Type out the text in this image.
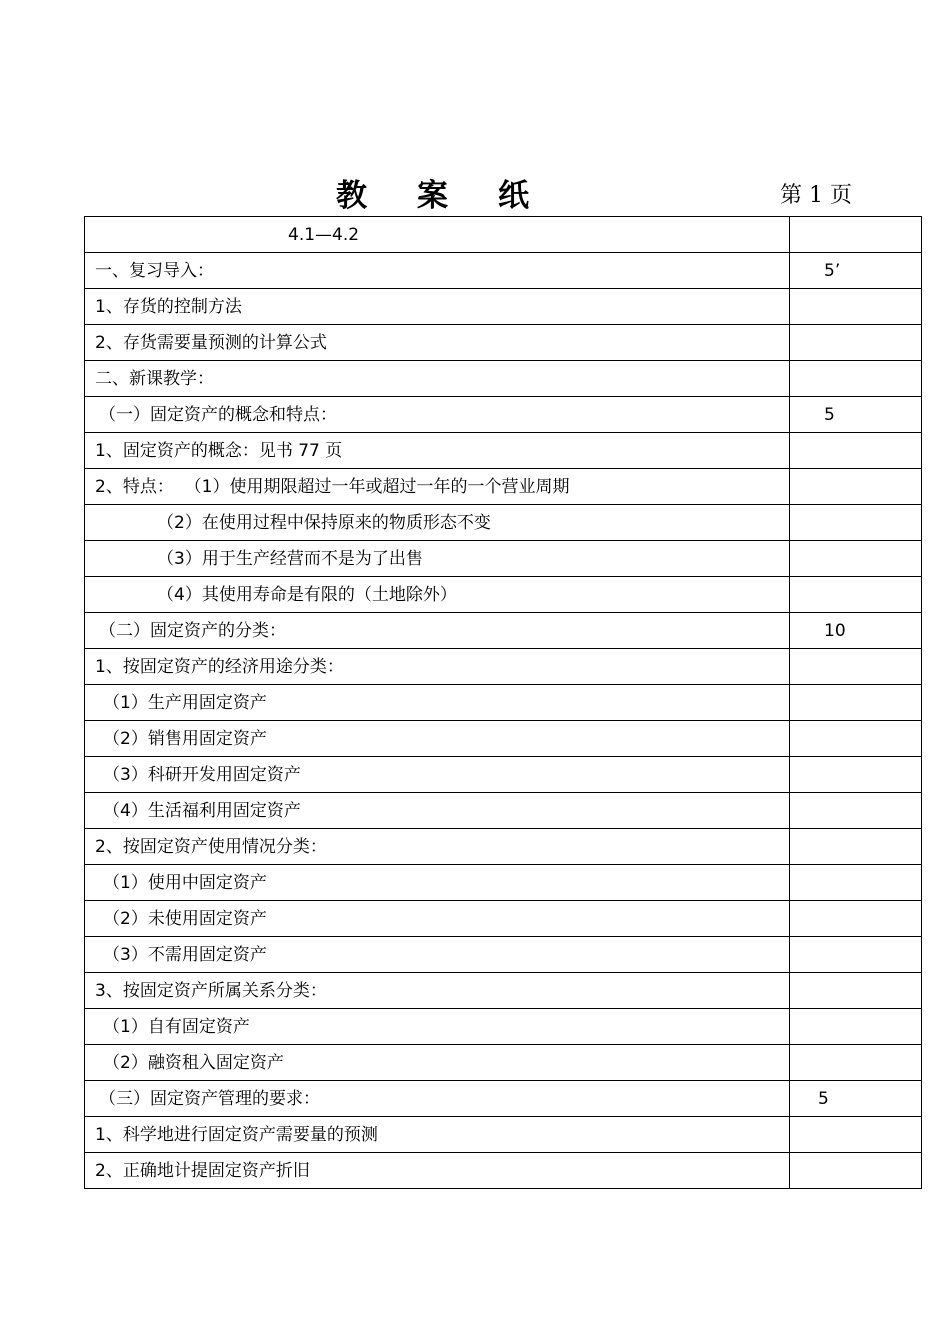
教 案 纸	第 1 页
4.1—4.2	
一、复习导入：	5’
1、存货的控制方法	
2、存货需要量预测的计算公式	
二、新课教学：	
（一）固定资产的概念和特点：	5
1、固定资产的概念：见书 77 页	
2、特点：  （1）使用期限超过一年或超过一年的一个营业周期	
（2）在使用过程中保持原来的物质形态不变	
（3）用于生产经营而不是为了出售	
（4）其使用寿命是有限的（土地除外）	
（二）固定资产的分类：	10
1、按固定资产的经济用途分类：	
（1）生产用固定资产	
（2）销售用固定资产	
（3）科研开发用固定资产	
（4）生活福利用固定资产	
2、按固定资产使用情况分类：	
（1）使用中固定资产	
（2）未使用固定资产	
（3）不需用固定资产	
3、按固定资产所属关系分类：	
（1）自有固定资产	
（2）融资租入固定资产	
（三）固定资产管理的要求：	5
1、科学地进行固定资产需要量的预测	
2、正确地计提固定资产折旧	
